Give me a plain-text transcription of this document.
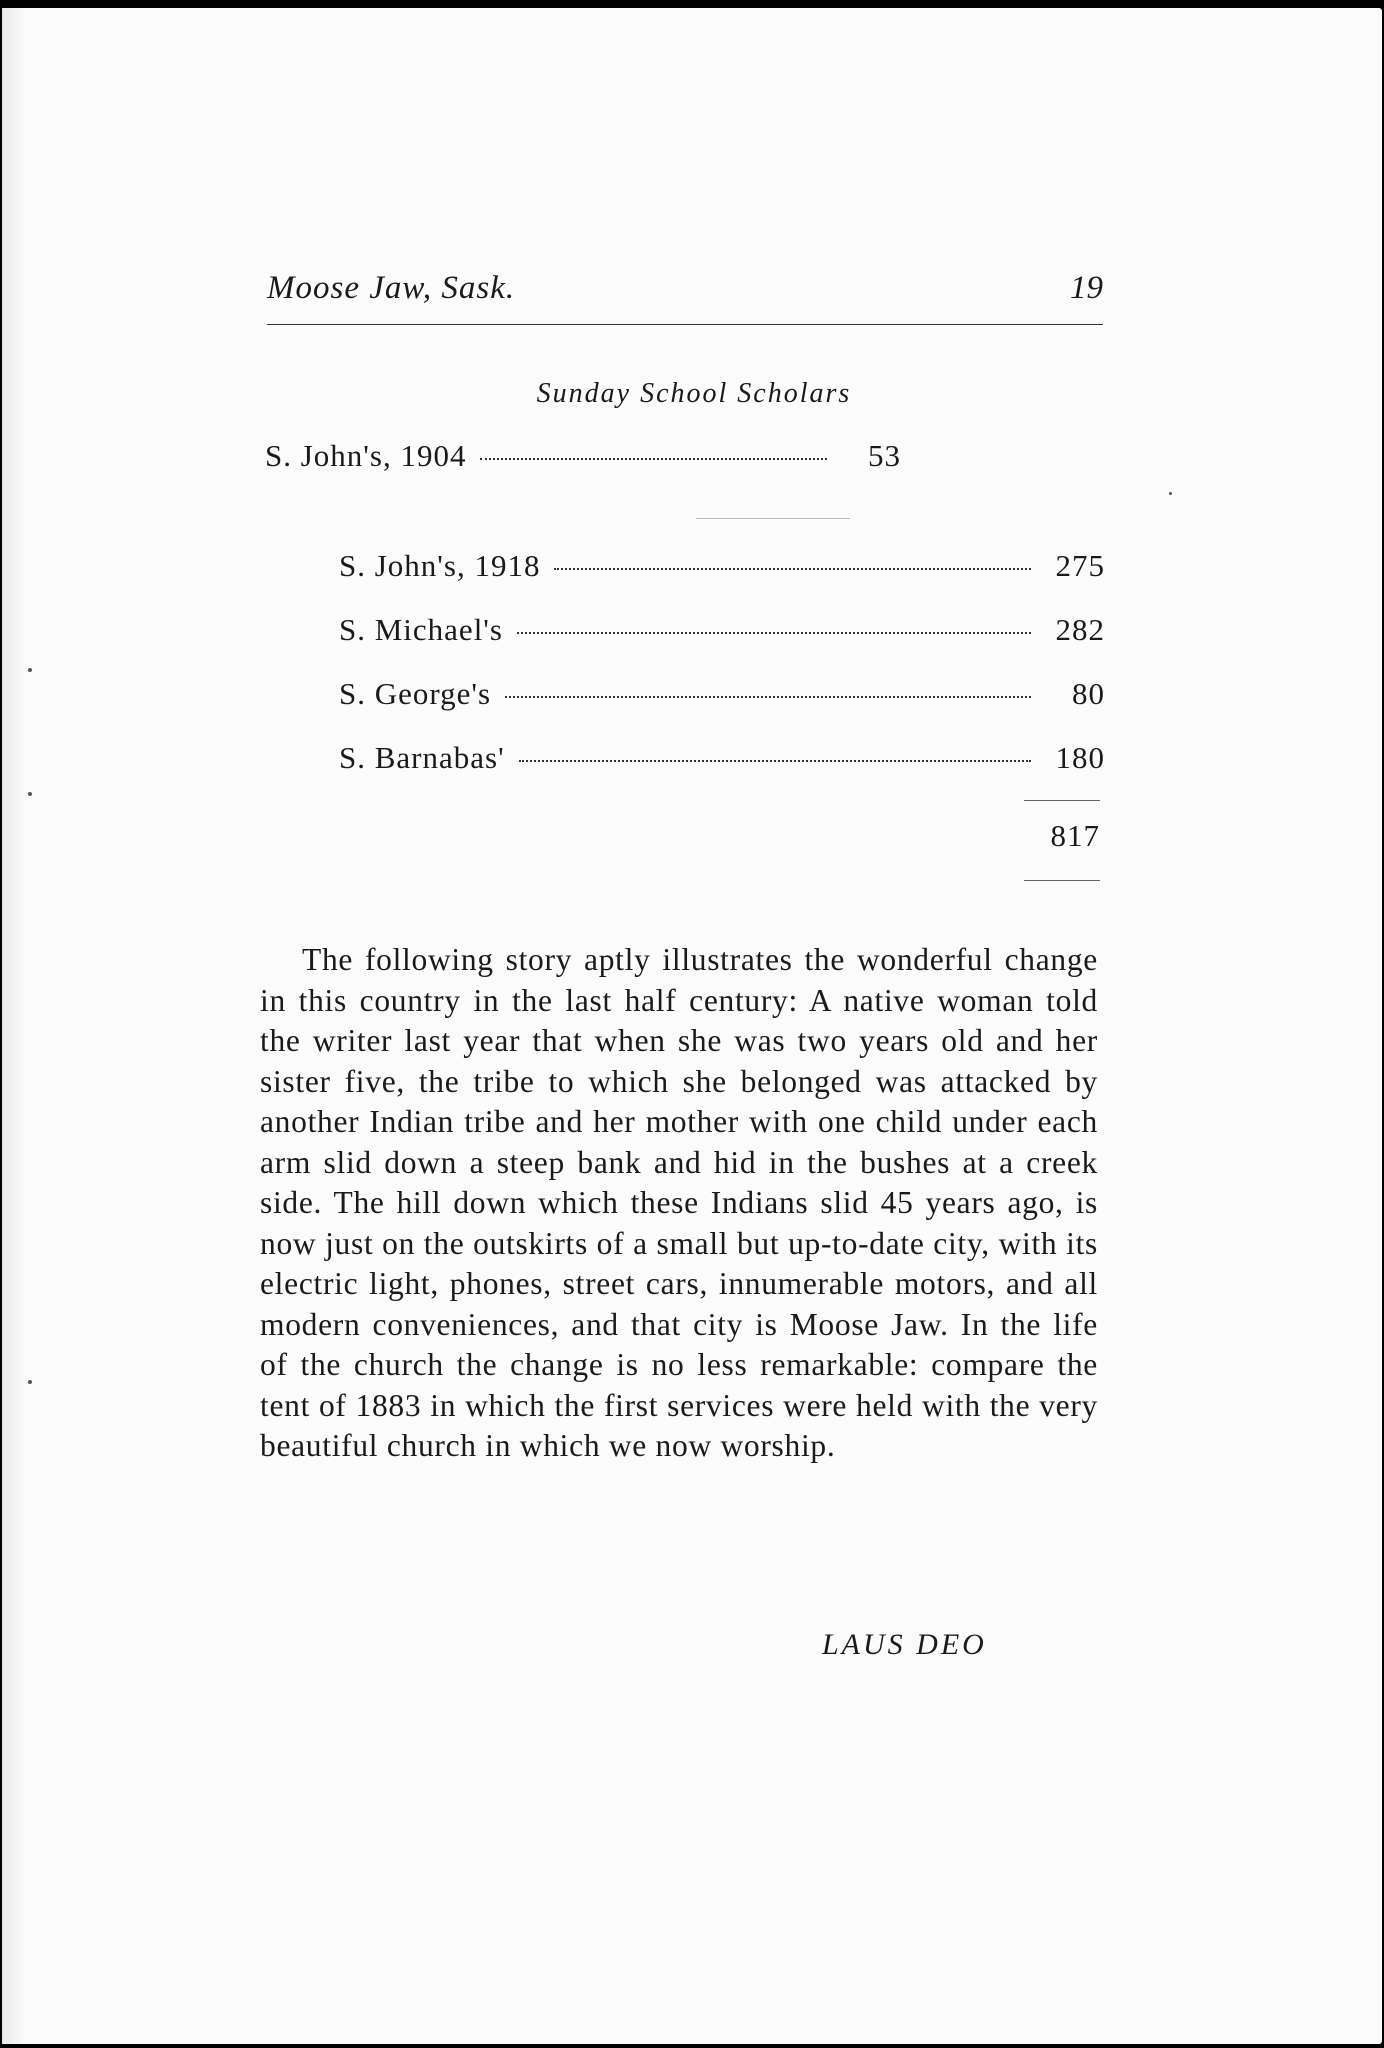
Moose Jaw, Sask.	19
Sunday School Scholars
S. John's, 1904	53
S. John's, 1918	275
S. Michael's	282
S. George's	80
S. Barnabas'	180
817
The following story aptly illustrates the wonderful change in this country in the last half century: A native woman told the writer last year that when she was two years old and her sister five, the tribe to which she belonged was attacked by another Indian tribe and her mother with one child under each arm slid down a steep bank and hid in the bushes at a creek side. The hill down which these Indians slid 45 years ago, is now just on the outskirts of a small but up-to-date city, with its electric light, phones, street cars, innumerable motors, and all modern conveniences, and that city is Moose Jaw. In the life of the church the change is no less remarkable: compare the tent of 1883 in which the first services were held with the very beautiful church in which we now worship.
LAUS DEO
